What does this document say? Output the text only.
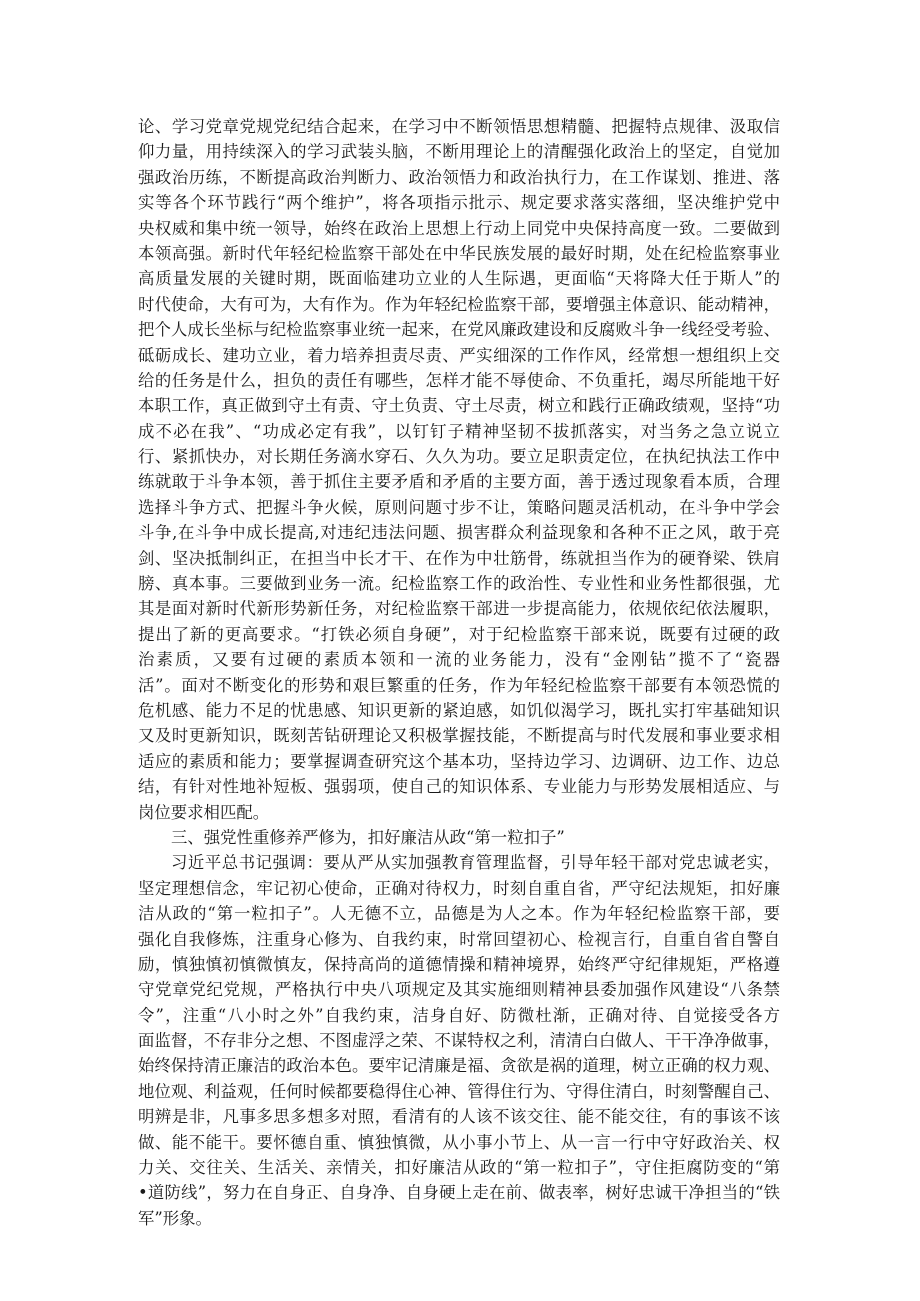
论、学习党章党规党纪结合起来，在学习中不断领悟思想精髓、把握特点规律、汲取信
仰力量，用持续深入的学习武装头脑，不断用理论上的清醒强化政治上的坚定，自觉加
强政治历练，不断提高政治判断力、政治领悟力和政治执行力，在工作谋划、推进、落
实等各个环节践行“两个维护”，将各项指示批示、规定要求落实落细，坚决维护党中
央权威和集中统一领导，始终在政治上思想上行动上同党中央保持高度一致。二要做到
本领高强。新时代年轻纪检监察干部处在中华民族发展的最好时期，处在纪检监察事业
高质量发展的关键时期，既面临建功立业的人生际遇，更面临“天将降大任于斯人”的
时代使命，大有可为，大有作为。作为年轻纪检监察干部，要增强主体意识、能动精神，
把个人成长坐标与纪检监察事业统一起来，在党风廉政建设和反腐败斗争一线经受考验、
砥砺成长、建功立业，着力培养担责尽责、严实细深的工作作风，经常想一想组织上交
给的任务是什么，担负的责任有哪些，怎样才能不辱使命、不负重托，竭尽所能地干好
本职工作，真正做到守土有责、守土负责、守土尽责，树立和践行正确政绩观，坚持“功
成不必在我”、“功成必定有我”，以钉钉子精神坚韧不拔抓落实，对当务之急立说立
行、紧抓快办，对长期任务滴水穿石、久久为功。要立足职责定位，在执纪执法工作中
练就敢于斗争本领，善于抓住主要矛盾和矛盾的主要方面，善于透过现象看本质，合理
选择斗争方式、把握斗争火候，原则问题寸步不让，策略问题灵活机动，在斗争中学会
斗争,在斗争中成长提高,对违纪违法问题、损害群众利益现象和各种不正之风，敢于亮
剑、坚决抵制纠正，在担当中长才干、在作为中壮筋骨，练就担当作为的硬脊梁、铁肩
膀、真本事。三要做到业务一流。纪检监察工作的政治性、专业性和业务性都很强，尤
其是面对新时代新形势新任务，对纪检监察干部进一步提高能力，依规依纪依法履职，
提出了新的更高要求。“打铁必须自身硬”，对于纪检监察干部来说，既要有过硬的政
治素质，又要有过硬的素质本领和一流的业务能力，没有“金刚钻”揽不了“瓷器
活”。面对不断变化的形势和艰巨繁重的任务，作为年轻纪检监察干部要有本领恐慌的
危机感、能力不足的忧患感、知识更新的紧迫感，如饥似渴学习，既扎实打牢基础知识
又及时更新知识，既刻苦钻研理论又积极掌握技能，不断提高与时代发展和事业要求相
适应的素质和能力；要掌握调查研究这个基本功，坚持边学习、边调研、边工作、边总
结，有针对性地补短板、强弱项，使自己的知识体系、专业能力与形势发展相适应、与
岗位要求相匹配。
三、强党性重修养严修为，扣好廉洁从政“第一粒扣子”
习近平总书记强调：要从严从实加强教育管理监督，引导年轻干部对党忠诚老实，
坚定理想信念，牢记初心使命，正确对待权力，时刻自重自省，严守纪法规矩，扣好廉
洁从政的“第一粒扣子”。人无德不立，品德是为人之本。作为年轻纪检监察干部，要
强化自我修炼，注重身心修为、自我约束，时常回望初心、检视言行，自重自省自警自
励，慎独慎初慎微慎友，保持高尚的道德情操和精神境界，始终严守纪律规矩，严格遵
守党章党纪党规，严格执行中央八项规定及其实施细则精神县委加强作风建设“八条禁
令”，注重“八小时之外”自我约束，洁身自好、防微杜渐，正确对待、自觉接受各方
面监督，不存非分之想、不图虚浮之荣、不谋特权之利，清清白白做人、干干净净做事，
始终保持清正廉洁的政治本色。要牢记清廉是福、贪欲是祸的道理，树立正确的权力观、
地位观、利益观，任何时候都要稳得住心神、管得住行为、守得住清白，时刻警醒自己、
明辨是非，凡事多思多想多对照，看清有的人该不该交往、能不能交往，有的事该不该
做、能不能干。要怀德自重、慎独慎微，从小事小节上、从一言一行中守好政治关、权
力关、交往关、生活关、亲情关，扣好廉洁从政的“第一粒扣子”，守住拒腐防变的“第
•道防线”，努力在自身正、自身净、自身硬上走在前、做表率，树好忠诚干净担当的“铁
军”形象。
